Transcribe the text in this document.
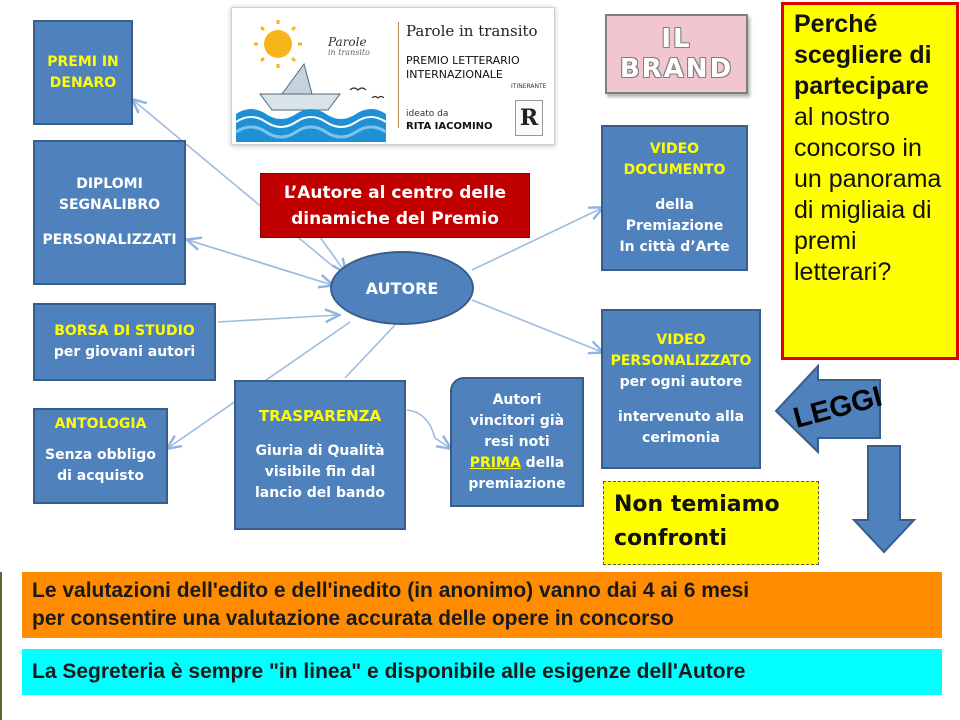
Parole
in transito
Parole in transito
PREMIO LETTERARIO
INTERNAZIONALE
ITINERANTE
ideato da
RITA IACOMINO R
IL
BRAND
Perché
scegliere di
partecipare
al nostro
concorso in
un panorama
di migliaia di
premi
letterari?
L’Autore al centro delle
dinamiche del Premio
AUTORE
PREMI IN
DENARO
DIPLOMI
SEGNALIBRO
PERSONALIZZATI
BORSA DI STUDIO
per giovani autori
ANTOLOGIA
Senza obbligo
di acquisto
TRASPARENZA
Giuria di Qualità
visibile fin dal
lancio del bando
Autori
vincitori già
resi noti
PRIMA della
premiazione
VIDEO
DOCUMENTO
della
Premiazione
In città d’Arte
VIDEO
PERSONALIZZATO
per ogni autore
intervenuto alla
cerimonia
LEGGI
Non temiamo
confronti
Le valutazioni dell'edito e dell'inedito (in anonimo) vanno dai 4 ai 6 mesi
per consentire una valutazione accurata delle opere in concorso
La Segreteria è sempre "in linea" e disponibile alle esigenze dell'Autore
